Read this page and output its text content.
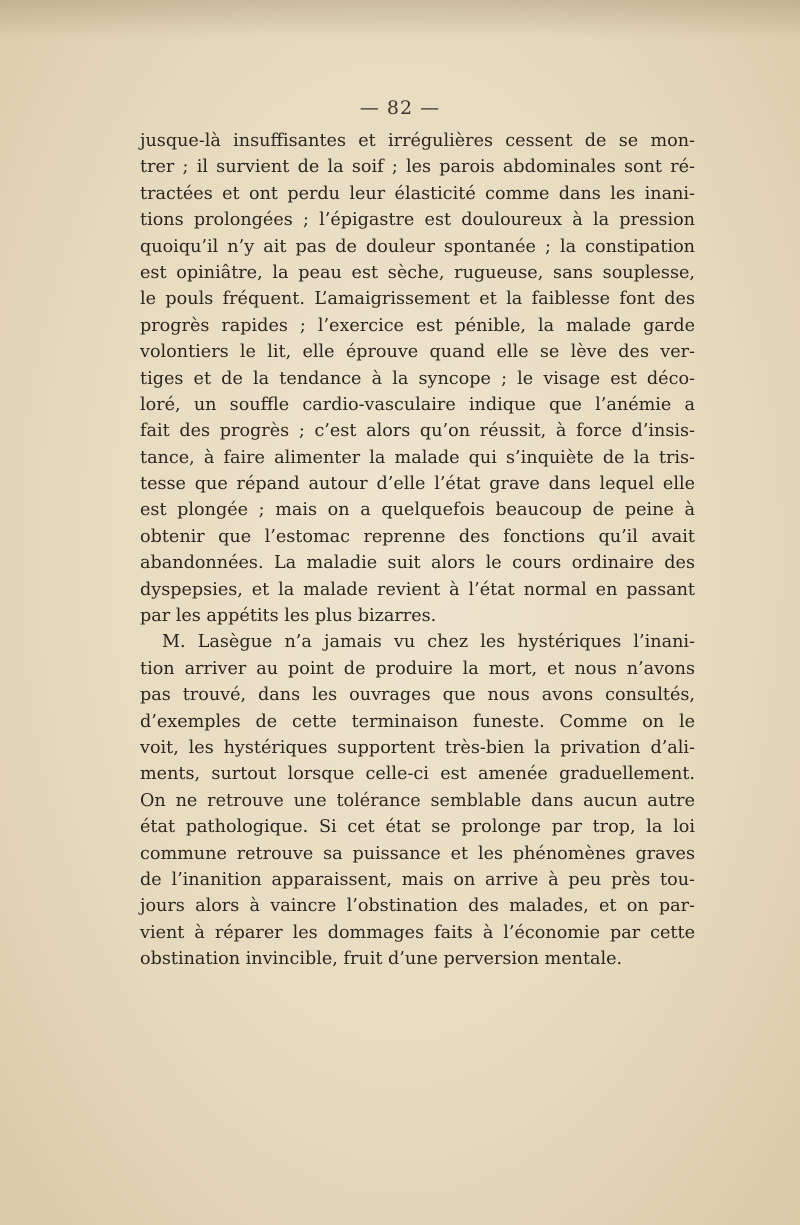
— 82 —
jusque-là insuffisantes et irrégulières cessent de se mon-
trer ; il survient de la soif ; les parois abdominales sont ré-
tractées et ont perdu leur élasticité comme dans les inani-
tions prolongées ; l’épigastre est douloureux à la pression
quoiqu’il n’y ait pas de douleur spontanée ; la constipation
est opiniâtre, la peau est sèche, rugueuse, sans souplesse,
le pouls fréquent. L’amaigrissement et la faiblesse font des
progrès rapides ; l’exercice est pénible, la malade garde
volontiers le lit, elle éprouve quand elle se lève des ver-
tiges et de la tendance à la syncope ; le visage est déco-
loré, un souffle cardio-vasculaire indique que l’anémie a
fait des progrès ; c’est alors qu’on réussit, à force d’insis-
tance, à faire alimenter la malade qui s’inquiète de la tris-
tesse que répand autour d’elle l’état grave dans lequel elle
est plongée ; mais on a quelquefois beaucoup de peine à
obtenir que l’estomac reprenne des fonctions qu’il avait
abandonnées. La maladie suit alors le cours ordinaire des
dyspepsies, et la malade revient à l’état normal en passant
par les appétits les plus bizarres.
M. Lasègue n’a jamais vu chez les hystériques l’inani-
tion arriver au point de produire la mort, et nous n’avons
pas trouvé, dans les ouvrages que nous avons consultés,
d’exemples de cette terminaison funeste. Comme on le
voit, les hystériques supportent très-bien la privation d’ali-
ments, surtout lorsque celle-ci est amenée graduellement.
On ne retrouve une tolérance semblable dans aucun autre
état pathologique. Si cet état se prolonge par trop, la loi
commune retrouve sa puissance et les phénomènes graves
de l’inanition apparaissent, mais on arrive à peu près tou-
jours alors à vaincre l’obstination des malades, et on par-
vient à réparer les dommages faits à l’économie par cette
obstination invincible, fruit d’une perversion mentale.
